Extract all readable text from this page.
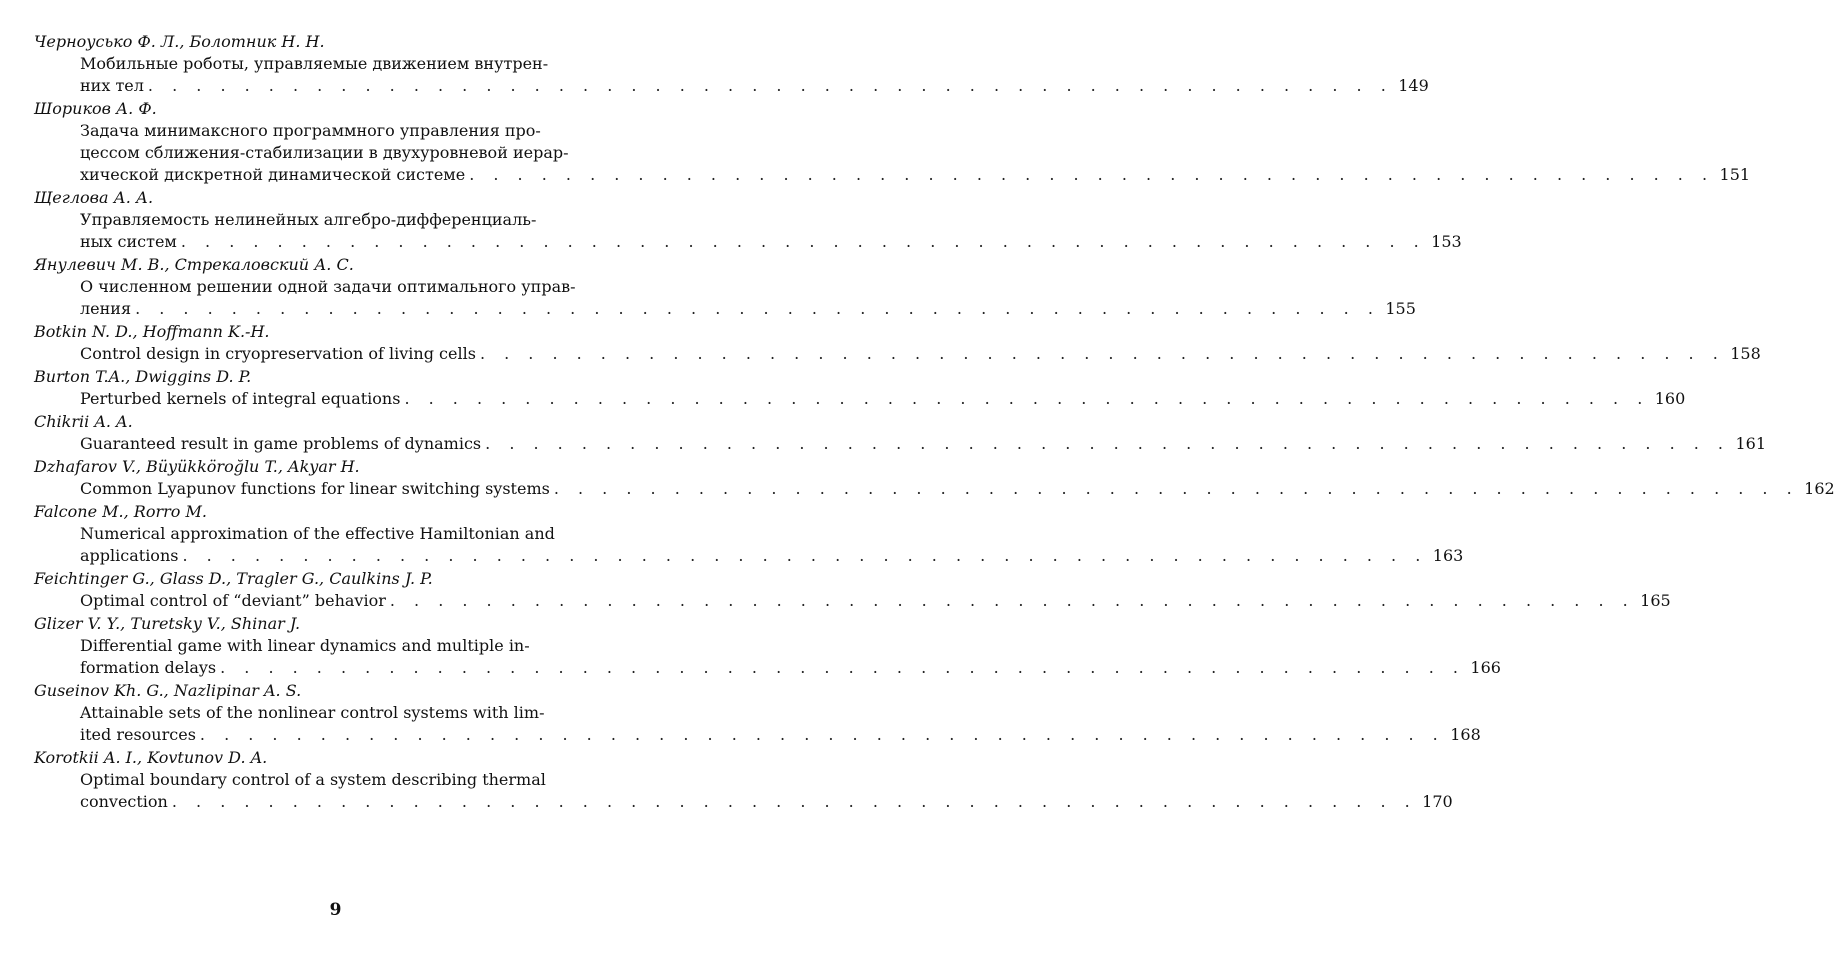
Черноусько Ф. Л., Болотник Н. Н.
Мобильные роботы, управляемые движением внутрен-
них тел . . . . . . . . . . . . . . . . . . . . . . . . . . . . . . . . . . . . . . . . . . . . . . . . . . . . 149
Шориков А. Ф.
Задача минимаксного программного управления про-
цессом сближения-стабилизации в двухуровневой иерар-
хической дискретной динамической системе . . . . . . . . . . . . . . . . . . . . . . . . . . . . . . . . . . . . . . . . . . . . . . . . . . . . 151
Щеглова А. А.
Управляемость нелинейных алгебро-дифференциаль-
ных систем . . . . . . . . . . . . . . . . . . . . . . . . . . . . . . . . . . . . . . . . . . . . . . . . . . . . 153
Янулевич М. В., Стрекаловский А. С.
О численном решении одной задачи оптимального управ-
ления . . . . . . . . . . . . . . . . . . . . . . . . . . . . . . . . . . . . . . . . . . . . . . . . . . . . 155
Botkin N. D., Hoffmann K.-H.
Control design in cryopreservation of living cells . . . . . . . . . . . . . . . . . . . . . . . . . . . . . . . . . . . . . . . . . . . . . . . . . . . . 158
Burton T.A., Dwiggins D. P.
Perturbed kernels of integral equations . . . . . . . . . . . . . . . . . . . . . . . . . . . . . . . . . . . . . . . . . . . . . . . . . . . . 160
Chikrii A. A.
Guaranteed result in game problems of dynamics . . . . . . . . . . . . . . . . . . . . . . . . . . . . . . . . . . . . . . . . . . . . . . . . . . . . 161
Dzhafarov V., Büyükköroğlu T., Akyar H.
Common Lyapunov functions for linear switching systems . . . . . . . . . . . . . . . . . . . . . . . . . . . . . . . . . . . . . . . . . . . . . . . . . . . . 162
Falcone M., Rorro M.
Numerical approximation of the effective Hamiltonian and
applications . . . . . . . . . . . . . . . . . . . . . . . . . . . . . . . . . . . . . . . . . . . . . . . . . . . . 163
Feichtinger G., Glass D., Tragler G., Caulkins J. P.
Optimal control of “deviant” behavior . . . . . . . . . . . . . . . . . . . . . . . . . . . . . . . . . . . . . . . . . . . . . . . . . . . . 165
Glizer V. Y., Turetsky V., Shinar J.
Differential game with linear dynamics and multiple in-
formation delays . . . . . . . . . . . . . . . . . . . . . . . . . . . . . . . . . . . . . . . . . . . . . . . . . . . . 166
Guseinov Kh. G., Nazlipinar A. S.
Attainable sets of the nonlinear control systems with lim-
ited resources . . . . . . . . . . . . . . . . . . . . . . . . . . . . . . . . . . . . . . . . . . . . . . . . . . . . 168
Korotkii A. I., Kovtunov D. A.
Optimal boundary control of a system describing thermal
convection . . . . . . . . . . . . . . . . . . . . . . . . . . . . . . . . . . . . . . . . . . . . . . . . . . . . 170
9
